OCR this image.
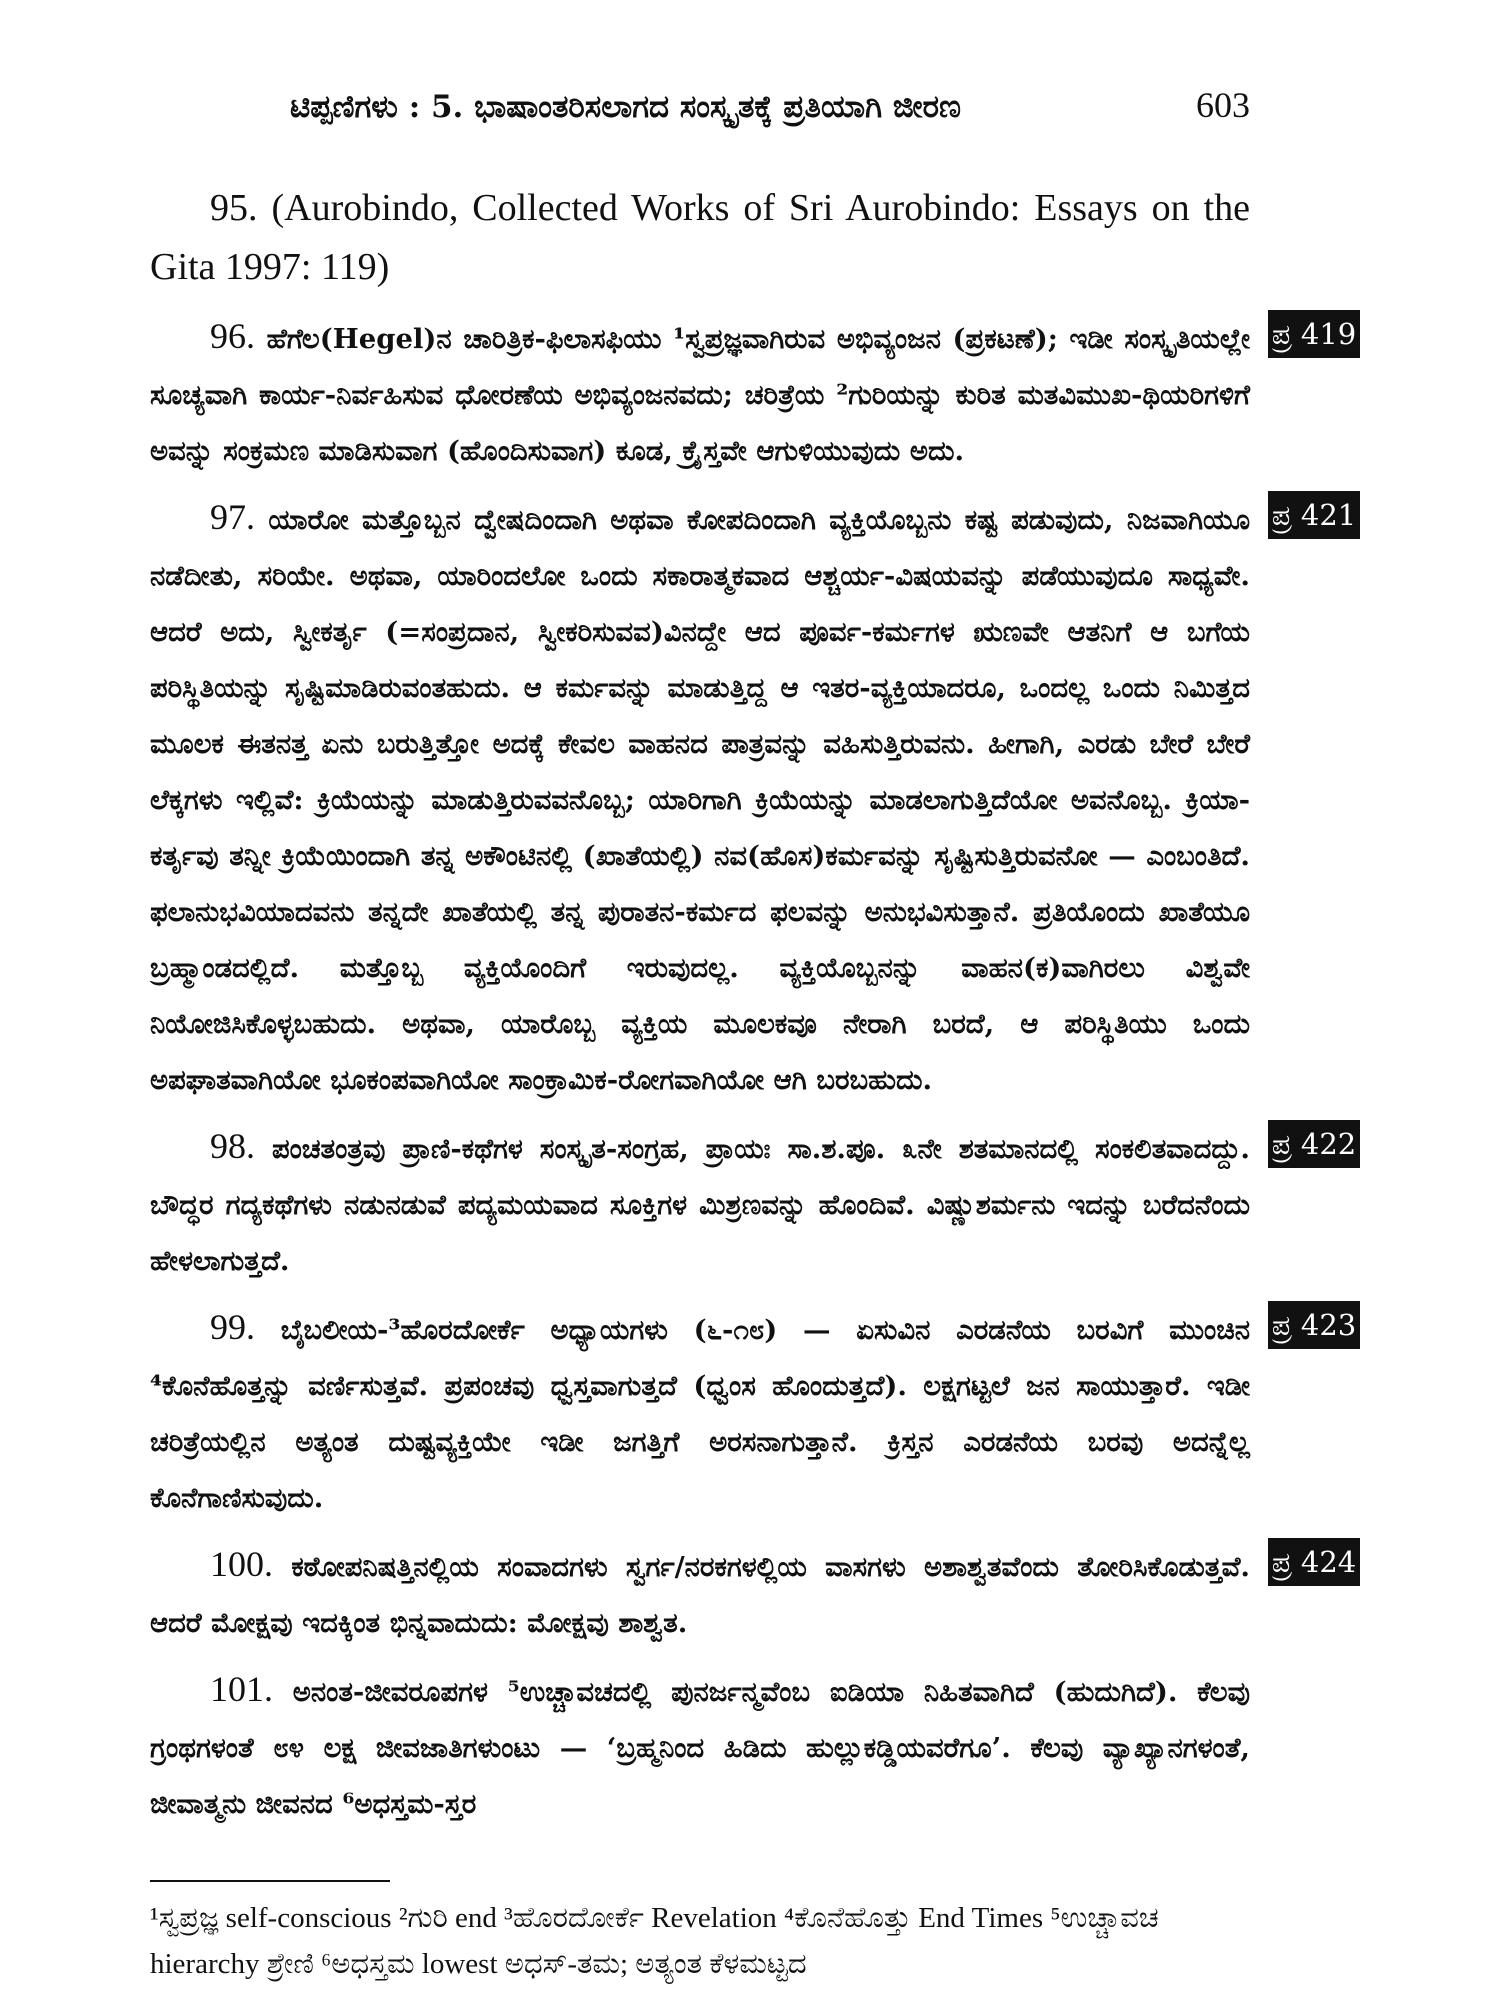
ಟಿಪ್ಪಣಿಗಳು : 5. ಭಾಷಾಂತರಿಸಲಾಗದ ಸಂಸ್ಕೃತಕ್ಕೆ ಪ್ರತಿಯಾಗಿ ಜೀರಣ	603

95. (Aurobindo, Collected Works of Sri Aurobindo: Essays on the Gita 1997: 119)

96. ಹೆಗೆಲ(Hegel)ನ ಚಾರಿತ್ರಿಕ-ಫಿಲಾಸಫಿಯು ¹ಸ್ವಪ್ರಜ್ಞವಾಗಿರುವ ಅಭಿವ್ಯಂಜನ (ಪ್ರಕಟಣೆ); ಇಡೀ ಸಂಸ್ಕೃತಿಯಲ್ಲೇ ಸೂಚ್ಯವಾಗಿ ಕಾರ್ಯ-ನಿರ್ವಹಿಸುವ ಧೋರಣೆಯ ಅಭಿವ್ಯಂಜನವದು; ಚರಿತ್ರೆಯ ²ಗುರಿಯನ್ನು ಕುರಿತ ಮತವಿಮುಖ-ಥಿಯರಿಗಳಿಗೆ ಅವನ್ನು ಸಂಕ್ರಮಣ ಮಾಡಿಸುವಾಗ (ಹೊಂದಿಸುವಾಗ) ಕೂಡ, ಕ್ರೈಸ್ತವೇ ಆಗುಳಿಯುವುದು ಅದು.
ಪ್ರ 419

97. ಯಾರೋ ಮತ್ತೊಬ್ಬನ ದ್ವೇಷದಿಂದಾಗಿ ಅಥವಾ ಕೋಪದಿಂದಾಗಿ ವ್ಯಕ್ತಿಯೊಬ್ಬನು ಕಷ್ಟ ಪಡುವುದು, ನಿಜವಾಗಿಯೂ ನಡೆದೀತು, ಸರಿಯೇ. ಅಥವಾ, ಯಾರಿಂದಲೋ ಒಂದು ಸಕಾರಾತ್ಮಕವಾದ ಆಶ್ಚರ್ಯ-ವಿಷಯವನ್ನು ಪಡೆಯುವುದೂ ಸಾಧ್ಯವೇ. ಆದರೆ ಅದು, ಸ್ವೀಕರ್ತೃ (=ಸಂಪ್ರದಾನ, ಸ್ವೀಕರಿಸುವವ)ವಿನದ್ದೇ ಆದ ಪೂರ್ವ-ಕರ್ಮಗಳ ಋಣವೇ ಆತನಿಗೆ ಆ ಬಗೆಯ ಪರಿಸ್ಥಿತಿಯನ್ನು ಸೃಷ್ಟಿಮಾಡಿರುವಂತಹುದು. ಆ ಕರ್ಮವನ್ನು ಮಾಡುತ್ತಿದ್ದ ಆ ಇತರ-ವ್ಯಕ್ತಿಯಾದರೂ, ಒಂದಲ್ಲ ಒಂದು ನಿಮಿತ್ತದ ಮೂಲಕ ಈತನತ್ತ ಏನು ಬರುತ್ತಿತ್ತೋ ಅದಕ್ಕೆ ಕೇವಲ ವಾಹನದ ಪಾತ್ರವನ್ನು ವಹಿಸುತ್ತಿರುವನು. ಹೀಗಾಗಿ, ಎರಡು ಬೇರೆ ಬೇರೆ ಲೆಕ್ಕಗಳು ಇಲ್ಲಿವೆ: ಕ್ರಿಯೆಯನ್ನು ಮಾಡುತ್ತಿರುವವನೊಬ್ಬ; ಯಾರಿಗಾಗಿ ಕ್ರಿಯೆಯನ್ನು ಮಾಡಲಾಗುತ್ತಿದೆಯೋ ಅವನೊಬ್ಬ. ಕ್ರಿಯಾ-ಕರ್ತೃವು ತನ್ನೀ ಕ್ರಿಯೆಯಿಂದಾಗಿ ತನ್ನ ಅಕೌಂಟಿನಲ್ಲಿ (ಖಾತೆಯಲ್ಲಿ) ನವ(ಹೊಸ)ಕರ್ಮವನ್ನು ಸೃಷ್ಟಿಸುತ್ತಿರುವನೋ — ಎಂಬಂತಿದೆ. ಫಲಾನುಭವಿಯಾದವನು ತನ್ನದೇ ಖಾತೆಯಲ್ಲಿ ತನ್ನ ಪುರಾತನ-ಕರ್ಮದ ಫಲವನ್ನು ಅನುಭವಿಸುತ್ತಾನೆ. ಪ್ರತಿಯೊಂದು ಖಾತೆಯೂ ಬ್ರಹ್ಮಾಂಡದಲ್ಲಿದೆ. ಮತ್ತೊಬ್ಬ ವ್ಯಕ್ತಿಯೊಂದಿಗೆ ಇರುವುದಲ್ಲ. ವ್ಯಕ್ತಿಯೊಬ್ಬನನ್ನು ವಾಹನ(ಕ)ವಾಗಿರಲು ವಿಶ್ವವೇ ನಿಯೋಜಿಸಿಕೊಳ್ಳಬಹುದು. ಅಥವಾ, ಯಾರೊಬ್ಬ ವ್ಯಕ್ತಿಯ ಮೂಲಕವೂ ನೇರಾಗಿ ಬರದೆ, ಆ ಪರಿಸ್ಥಿತಿಯು ಒಂದು ಅಪಘಾತವಾಗಿಯೋ ಭೂಕಂಪವಾಗಿಯೋ ಸಾಂಕ್ರಾಮಿಕ-ರೋಗವಾಗಿಯೋ ಆಗಿ ಬರಬಹುದು.
ಪ್ರ 421

98. ಪಂಚತಂತ್ರವು ಪ್ರಾಣಿ-ಕಥೆಗಳ ಸಂಸ್ಕೃತ-ಸಂಗ್ರಹ, ಪ್ರಾಯಃ ಸಾ.ಶ.ಪೂ. ೩ನೇ ಶತಮಾನದಲ್ಲಿ ಸಂಕಲಿತವಾದದ್ದು. ಬೌದ್ಧರ ಗದ್ಯಕಥೆಗಳು ನಡುನಡುವೆ ಪದ್ಯಮಯವಾದ ಸೂಕ್ತಿಗಳ ಮಿಶ್ರಣವನ್ನು ಹೊಂದಿವೆ. ವಿಷ್ಣುಶರ್ಮನು ಇದನ್ನು ಬರೆದನೆಂದು ಹೇಳಲಾಗುತ್ತದೆ.
ಪ್ರ 422

99. ಬೈಬಲೀಯ-³ಹೊರದೋರ್ಕೆ ಅಧ್ಯಾಯಗಳು (೬-೧೮) — ಏಸುವಿನ ಎರಡನೆಯ ಬರವಿಗೆ ಮುಂಚಿನ ⁴ಕೊನೆಹೊತ್ತನ್ನು ವರ್ಣಿಸುತ್ತವೆ. ಪ್ರಪಂಚವು ಧ್ವಸ್ತವಾಗುತ್ತದೆ (ಧ್ವಂಸ ಹೊಂದುತ್ತದೆ). ಲಕ್ಷಗಟ್ಟಲೆ ಜನ ಸಾಯುತ್ತಾರೆ. ಇಡೀ ಚರಿತ್ರೆಯಲ್ಲಿನ ಅತ್ಯಂತ ದುಷ್ಟವ್ಯಕ್ತಿಯೇ ಇಡೀ ಜಗತ್ತಿಗೆ ಅರಸನಾಗುತ್ತಾನೆ. ಕ್ರಿಸ್ತನ ಎರಡನೆಯ ಬರವು ಅದನ್ನೆಲ್ಲ ಕೊನೆಗಾಣಿಸುವುದು.
ಪ್ರ 423

100. ಕಠೋಪನಿಷತ್ತಿನಲ್ಲಿಯ ಸಂವಾದಗಳು ಸ್ವರ್ಗ/ನರಕಗಳಲ್ಲಿಯ ವಾಸಗಳು ಅಶಾಶ್ವತವೆಂದು ತೋರಿಸಿಕೊಡುತ್ತವೆ. ಆದರೆ ಮೋಕ್ಷವು ಇದಕ್ಕಿಂತ ಭಿನ್ನವಾದುದು: ಮೋಕ್ಷವು ಶಾಶ್ವತ.
ಪ್ರ 424

101. ಅನಂತ-ಜೀವರೂಪಗಳ ⁵ಉಚ್ಚಾವಚದಲ್ಲಿ ಪುನರ್ಜನ್ಮವೆಂಬ ಐಡಿಯಾ ನಿಹಿತವಾಗಿದೆ (ಹುದುಗಿದೆ). ಕೆಲವು ಗ್ರಂಥಗಳಂತೆ ೮೪ ಲಕ್ಷ ಜೀವಜಾತಿಗಳುಂಟು — ‘ಬ್ರಹ್ಮನಿಂದ ಹಿಡಿದು ಹುಲ್ಲುಕಡ್ಡಿಯವರೆಗೂ’. ಕೆಲವು ವ್ಯಾಖ್ಯಾನಗಳಂತೆ, ಜೀವಾತ್ಮನು ಜೀವನದ ⁶ಅಧಸ್ತಮ-ಸ್ತರ

¹ಸ್ವಪ್ರಜ್ಞ self-conscious ²ಗುರಿ end ³ಹೊರದೋರ್ಕೆ Revelation ⁴ಕೊನೆಹೊತ್ತು End Times ⁵ಉಚ್ಚಾವಚ hierarchy ಶ್ರೇಣಿ ⁶ಅಧಸ್ತಮ lowest ಅಧಸ್-ತಮ; ಅತ್ಯಂತ ಕೆಳಮಟ್ಟದ
